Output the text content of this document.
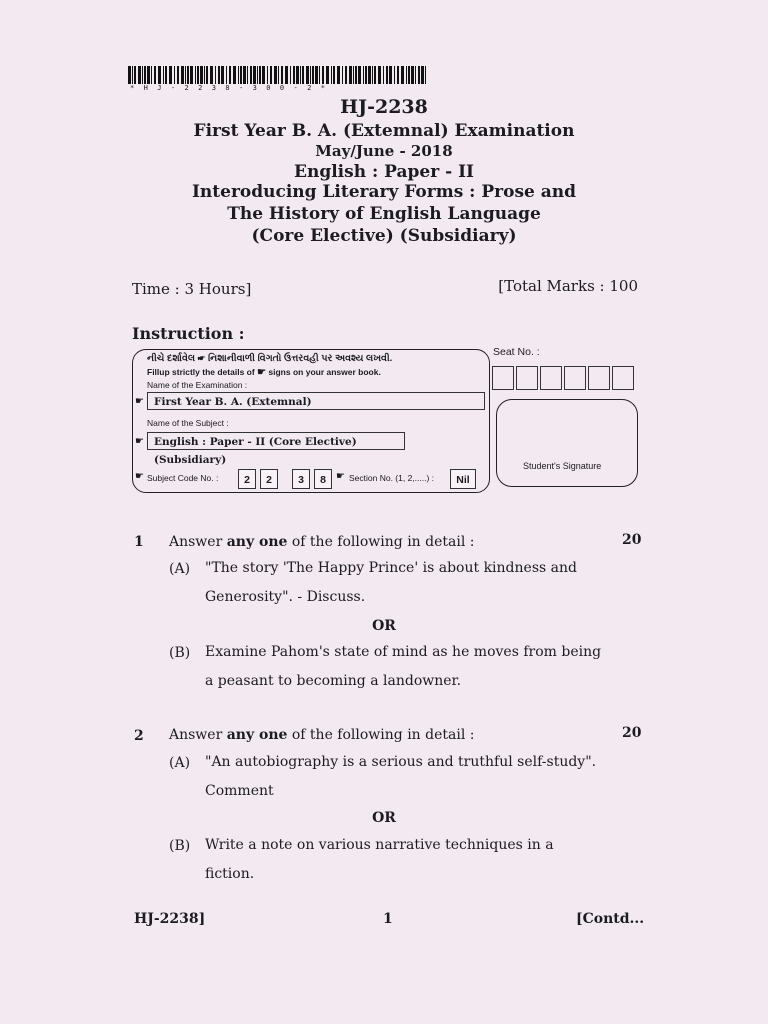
* H J - 2 2 3 8 - 3 0 0 - 2 *
HJ-2238
First Year B. A. (Extemnal) Examination
May/June - 2018
English : Paper - II
Interoducing Literary Forms : Prose and
The History of English Language
(Core Elective) (Subsidiary)
Time : 3 Hours]	[Total Marks : 100
Instruction :
નીચે દર્શાવેલ ☛ નિશાનીવાળી વિગતો ઉત્તરવહી પર અવશ્ય લખવી.
Fillup strictly the details of ☛ signs on your answer book.
Name of the Examination :
☛ First Year B. A. (Extemnal)
Name of the Subject :
☛ English : Paper - II (Core Elective) (Subsidiary)
☛ Subject Code No. :	2	2	3	8	☛ Section No. (1, 2,.....) :	Nil
Seat No. :
Student's Signature
1 Answer any one of the following in detail :	20
(A) "The story 'The Happy Prince' is about kindness and Generosity". - Discuss.
OR
(B) Examine Pahom's state of mind as he moves from being a peasant to becoming a landowner.
2 Answer any one of the following in detail :	20
(A) "An autobiography is a serious and truthful self-study". Comment
OR
(B) Write a note on various narrative techniques in a fiction.
HJ-2238]	1	[Contd...
